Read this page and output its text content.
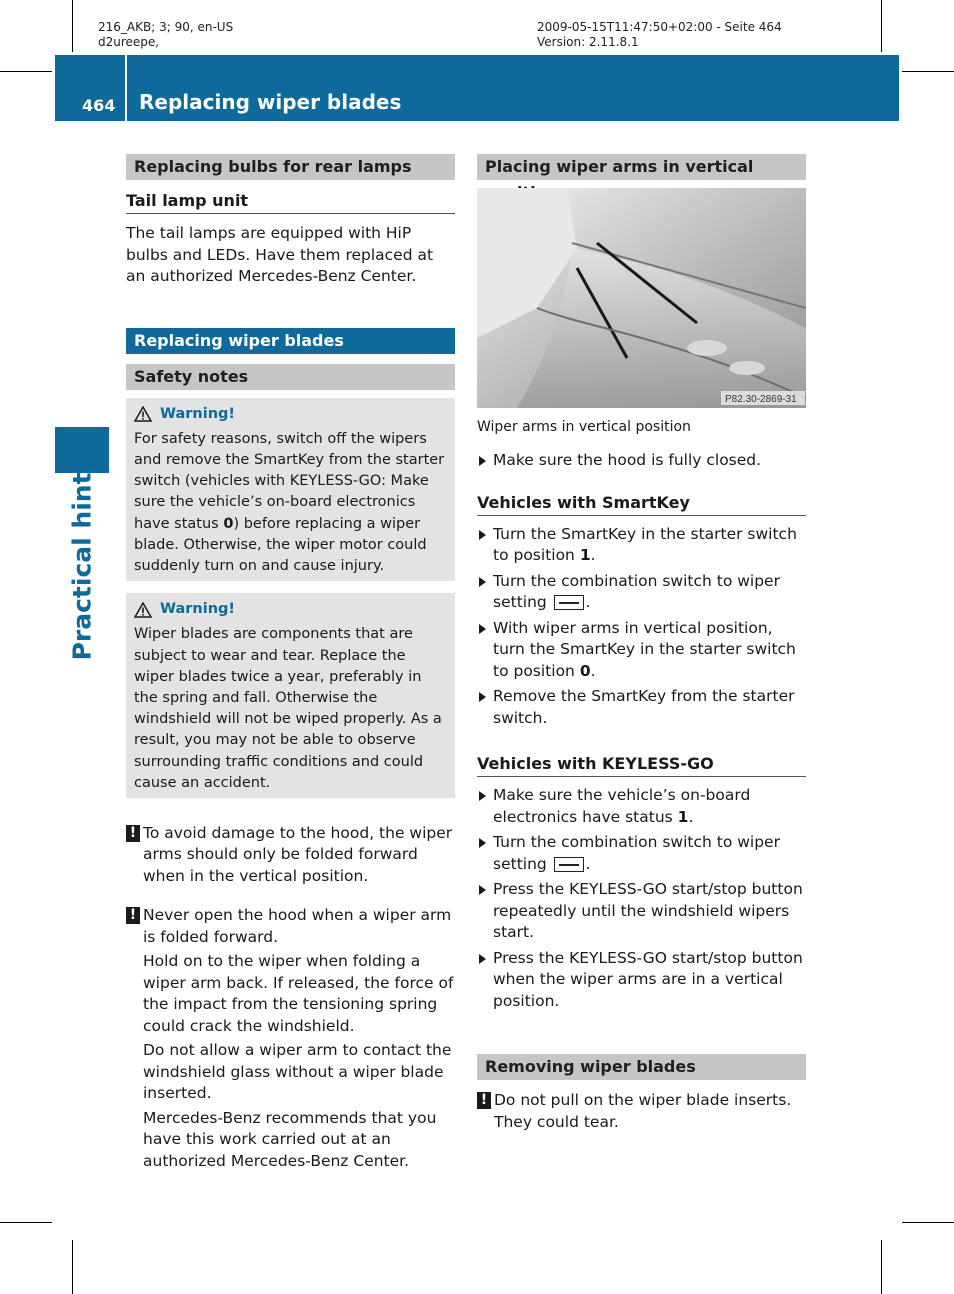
216_AKB; 3; 90, en-US
d2ureepe,
2009-05-15T11:47:50+02:00 - Seite 464
Version: 2.11.8.1
464 Replacing wiper blades
Practical hints
Replacing bulbs for rear lamps
Tail lamp unit

The tail lamps are equipped with HiP bulbs and LEDs. Have them replaced at an authorized Mercedes-Benz Center.

Replacing wiper blades
Safety notes
Warning!
For safety reasons, switch off the wipers and remove the SmartKey from the starter switch (vehicles with KEYLESS-GO: Make sure the vehicle’s on-board electronics have status 0) before replacing a wiper blade. Otherwise, the wiper motor could suddenly turn on and cause injury.
Warning!
Wiper blades are components that are subject to wear and tear. Replace the wiper blades twice a year, preferably in the spring and fall. Otherwise the windshield will not be wiped properly. As a result, you may not be able to observe surrounding traffic conditions and could cause an accident.
! To avoid damage to the hood, the wiper arms should only be folded forward when in the vertical position.
! Never open the hood when a wiper arm is folded forward.
Hold on to the wiper when folding a wiper arm back. If released, the force of the impact from the tensioning spring could crack the windshield.
Do not allow a wiper arm to contact the windshield glass without a wiper blade inserted.
Mercedes-Benz recommends that you have this work carried out at an authorized Mercedes-Benz Center.
Placing wiper arms in vertical
P82.30-2869-31
Wiper arms in vertical position
Make sure the hood is fully closed.
Vehicles with SmartKey
Turn the SmartKey in the starter switch to position 1.
Turn the combination switch to wiper setting .
With wiper arms in vertical position, turn the SmartKey in the starter switch to position 0.
Remove the SmartKey from the starter switch.
Vehicles with KEYLESS-GO
Make sure the vehicle’s on-board electronics have status 1.
Turn the combination switch to wiper setting .
Press the KEYLESS-GO start/stop button repeatedly until the windshield wipers start.
Press the KEYLESS-GO start/stop button when the wiper arms are in a vertical position.
Removing wiper blades
! Do not pull on the wiper blade inserts. They could tear.
